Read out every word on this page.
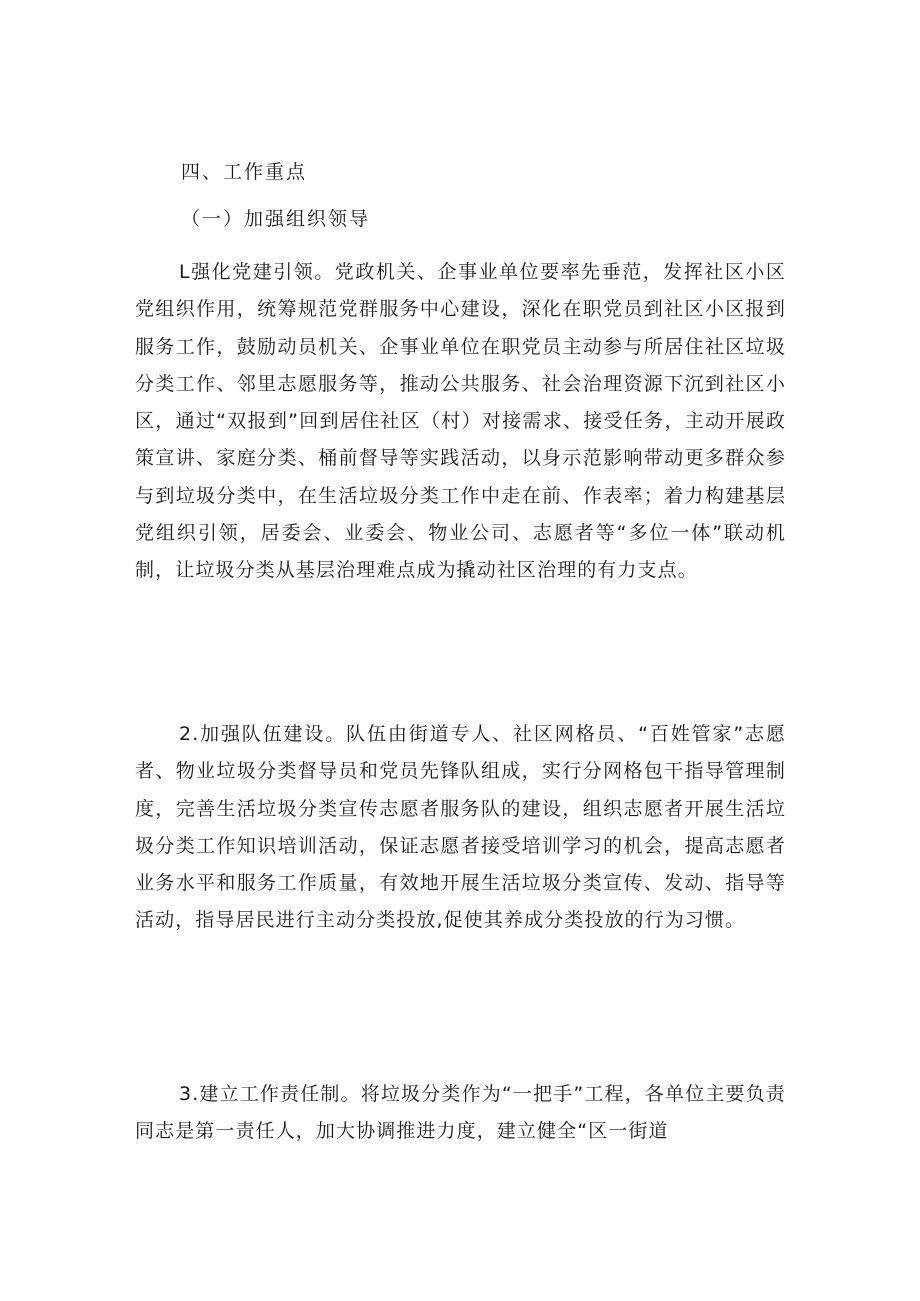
四、工作重点
（一）加强组织领导

L强化党建引领。党政机关、企事业单位要率先垂范，发挥社区小区党组织作用，统筹规范党群服务中心建设，深化在职党员到社区小区报到服务工作，鼓励动员机关、企事业单位在职党员主动参与所居住社区垃圾分类工作、邻里志愿服务等，推动公共服务、社会治理资源下沉到社区小区，通过“双报到”回到居住社区（村）对接需求、接受任务，主动开展政策宣讲、家庭分类、桶前督导等实践活动，以身示范影响带动更多群众参与到垃圾分类中，在生活垃圾分类工作中走在前、作表率；着力构建基层党组织引领，居委会、业委会、物业公司、志愿者等“多位一体”联动机制，让垃圾分类从基层治理难点成为撬动社区治理的有力支点。

2.加强队伍建设。队伍由街道专人、社区网格员、“百姓管家”志愿者、物业垃圾分类督导员和党员先锋队组成，实行分网格包干指导管理制度，完善生活垃圾分类宣传志愿者服务队的建设，组织志愿者开展生活垃圾分类工作知识培训活动，保证志愿者接受培训学习的机会，提高志愿者业务水平和服务工作质量，有效地开展生活垃圾分类宣传、发动、指导等活动，指导居民进行主动分类投放,促使其养成分类投放的行为习惯。

3.建立工作责任制。将垃圾分类作为“一把手”工程，各单位主要负责同志是第一责任人，加大协调推进力度，建立健全“区一街道
